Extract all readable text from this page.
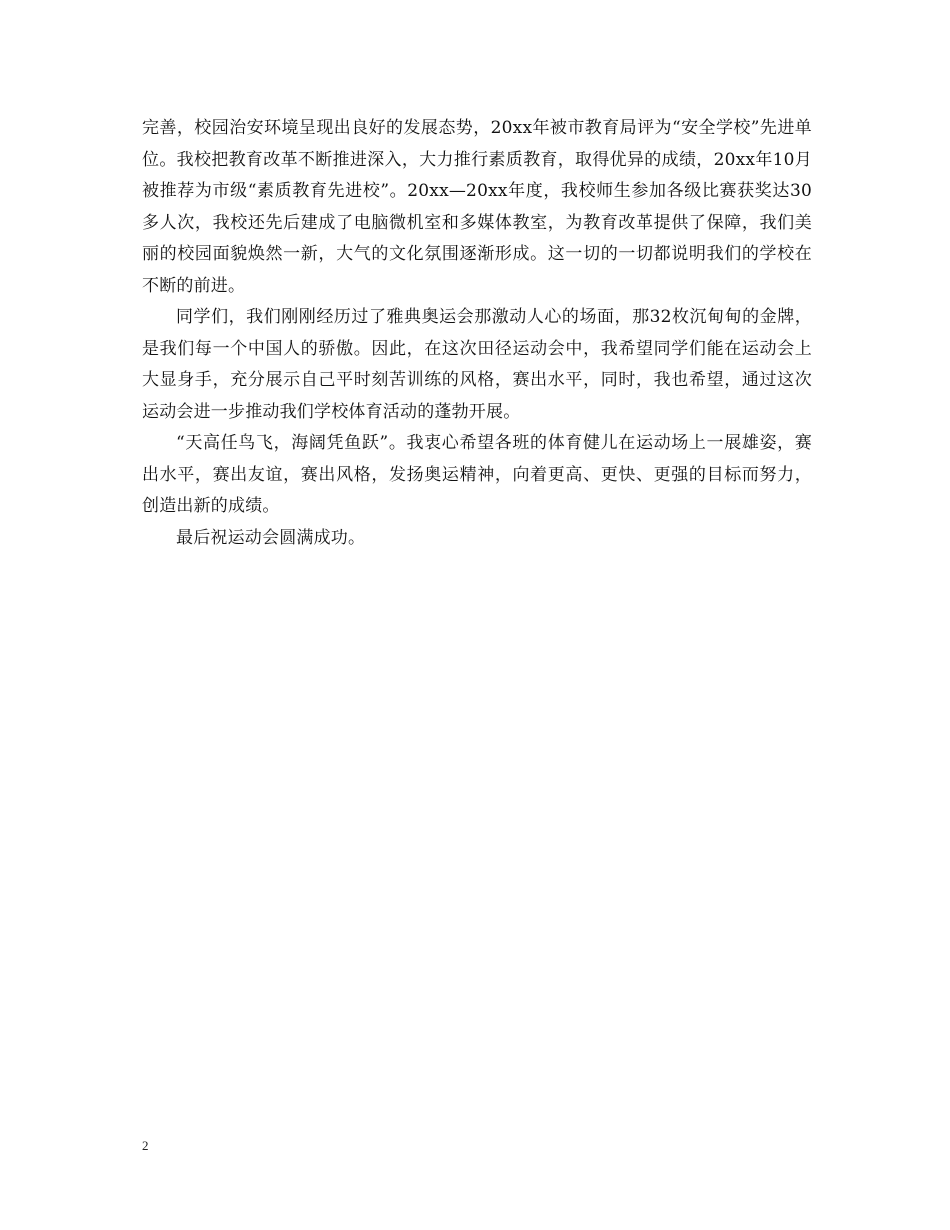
完善，校园治安环境呈现出良好的发展态势，20xx年被市教育局评为“安全学校”先进单位。我校把教育改革不断推进深入，大力推行素质教育，取得优异的成绩，20xx年10月被推荐为市级“素质教育先进校”。20xx—20xx年度，我校师生参加各级比赛获奖达30多人次，我校还先后建成了电脑微机室和多媒体教室，为教育改革提供了保障，我们美丽的校园面貌焕然一新，大气的文化氛围逐渐形成。这一切的一切都说明我们的学校在不断的前进。

同学们，我们刚刚经历过了雅典奥运会那激动人心的场面，那32枚沉甸甸的金牌，是我们每一个中国人的骄傲。因此，在这次田径运动会中，我希望同学们能在运动会上大显身手，充分展示自己平时刻苦训练的风格，赛出水平，同时，我也希望，通过这次运动会进一步推动我们学校体育活动的蓬勃开展。

“天高任鸟飞，海阔凭鱼跃”。我衷心希望各班的体育健儿在运动场上一展雄姿，赛出水平，赛出友谊，赛出风格，发扬奥运精神，向着更高、更快、更强的目标而努力，创造出新的成绩。

最后祝运动会圆满成功。

2
